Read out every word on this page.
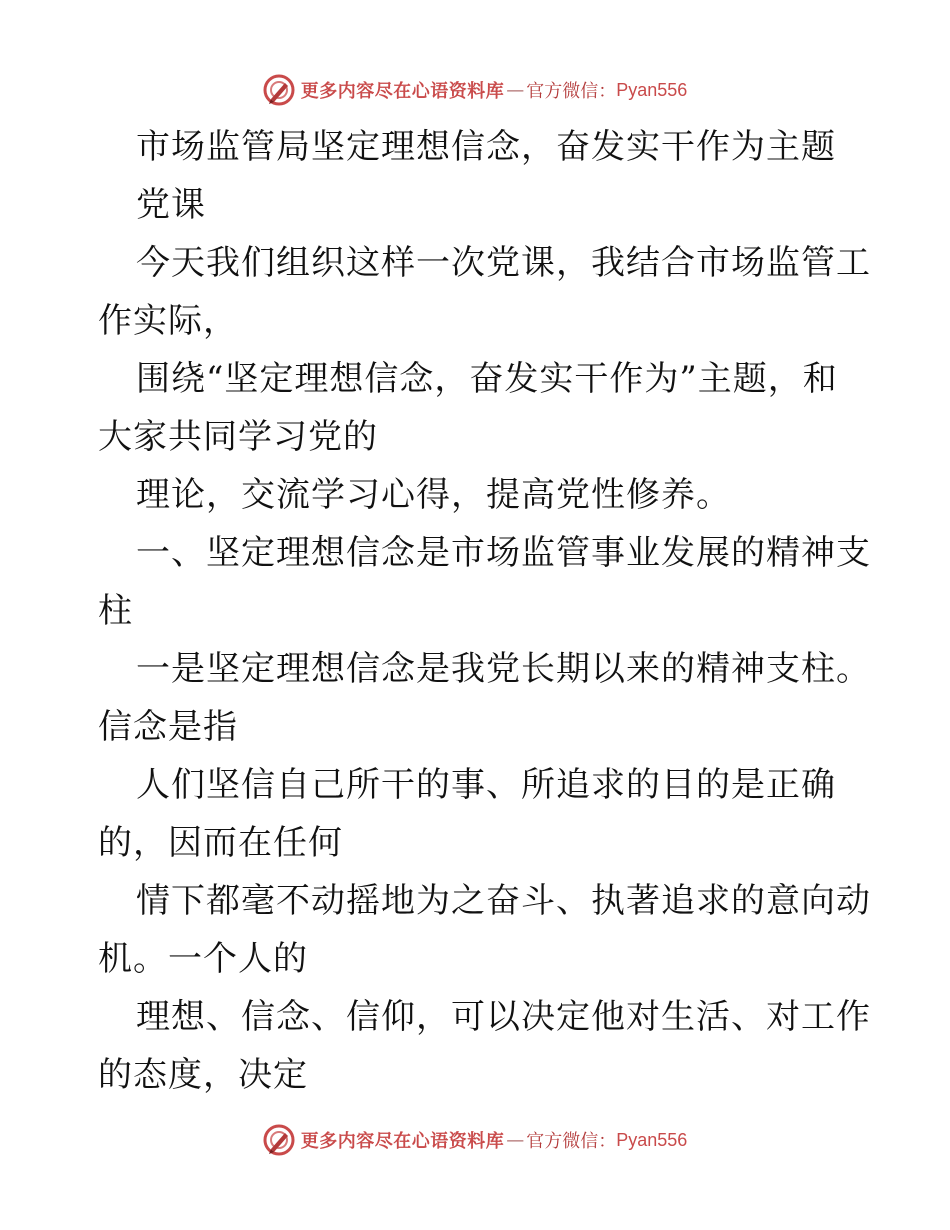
更多内容尽在心语资料库 — 官方微信： Pyan556
市场监管局坚定理想信念，奋发实干作为主题
党课
今天我们组织这样一次党课，我结合市场监管工
作实际，
围绕“坚定理想信念，奋发实干作为”主题，和
大家共同学习党的
理论，交流学习心得，提高党性修养。
一、坚定理想信念是市场监管事业发展的精神支
柱
一是坚定理想信念是我党长期以来的精神支柱。
信念是指
人们坚信自己所干的事、所追求的目的是正确
的，因而在任何
情下都毫不动摇地为之奋斗、执著追求的意向动
机。一个人的
理想、信念、信仰，可以决定他对生活、对工作
的态度，决定
更多内容尽在心语资料库 — 官方微信： Pyan556
